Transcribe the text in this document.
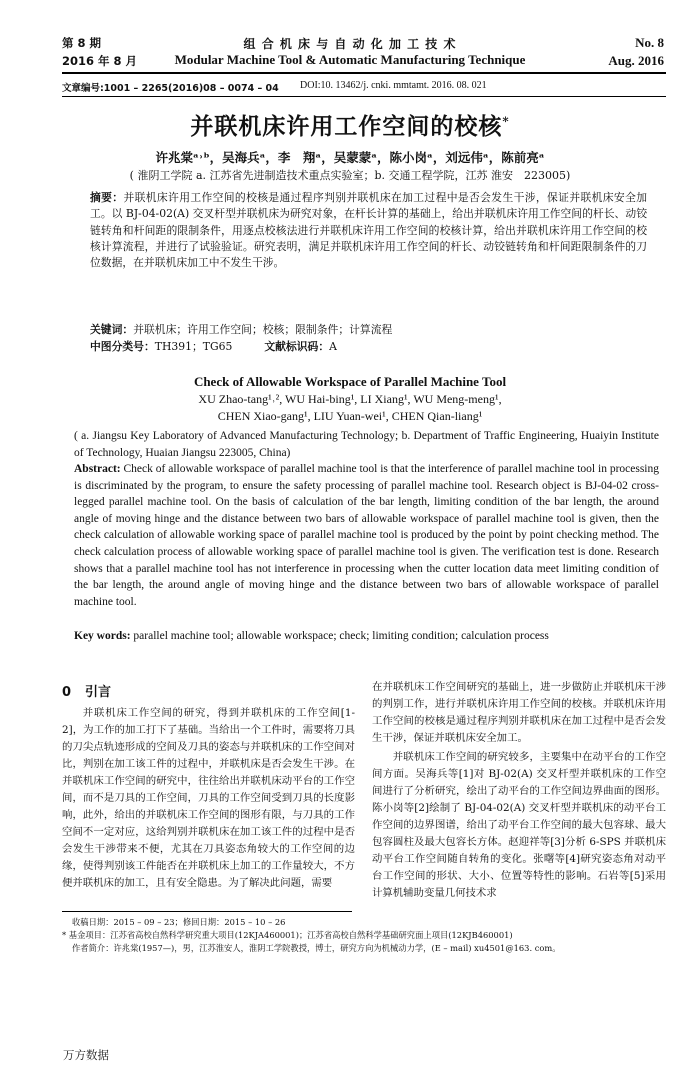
第 8 期
2016 年 8 月
组 合 机 床 与 自 动 化 加 工 技 术
Modular Machine Tool & Automatic Manufacturing Technique
No. 8
Aug. 2016
文章编号:1001 – 2265(2016)08 – 0074 – 04 DOI:10. 13462/j. cnki. mmtamt. 2016. 08. 021
并联机床许用工作空间的校核*
许兆棠ᵃ˒ᵇ，吴海兵ᵃ，李　翔ᵃ，吴蒙蒙ᵃ，陈小岗ᵃ，刘远伟ᵃ，陈前亮ᵃ
( 淮阴工学院 a. 江苏省先进制造技术重点实验室；b. 交通工程学院，江苏 淮安　223005)
摘要：并联机床许用工作空间的校核是通过程序判别并联机床在加工过程中是否会发生干涉，保证并联机床安全加工。以 BJ-04-02(A) 交叉杆型并联机床为研究对象，在杆长计算的基础上，给出并联机床许用工作空间的杆长、动铰链转角和杆间距的限制条件，用逐点校核法进行并联机床许用工作空间的校核计算，给出并联机床许用工作空间的校核计算流程，并进行了试验验证。研究表明，满足并联机床许用工作空间的杆长、动铰链转角和杆间距限制条件的刀位数据，在并联机床加工中不发生干涉。
关键词：并联机床；许用工作空间；校核；限制条件；计算流程
中图分类号：TH391；TG65	文献标识码：A
Check of Allowable Workspace of Parallel Machine Tool
XU Zhao-tang¹˒², WU Hai-bing¹, LI Xiang¹, WU Meng-meng¹,
CHEN Xiao-gang¹, LIU Yuan-wei¹, CHEN Qian-liang¹
( a. Jiangsu Key Laboratory of Advanced Manufacturing Technology; b. Department of Traffic Engineering, Huaiyin Institute of Technology, Huaian Jiangsu 223005, China)
Abstract: Check of allowable workspace of parallel machine tool is that the interference of parallel machine tool in processing is discriminated by the program, to ensure the safety processing of parallel machine tool. Research object is BJ-04-02 cross-legged parallel machine tool. On the basis of calculation of the bar length, limiting condition of the bar length, the around angle of moving hinge and the distance between two bars of allowable workspace of parallel machine tool is given, then the check calculation of allowable working space of parallel machine tool is produced by the point by point checking method. The check calculation process of allowable working space of parallel machine tool is given. The verification test is done. Research shows that a parallel machine tool has not interference in processing when the cutter location data meet limiting condition of the bar length, the around angle of moving hinge and the distance between two bars of allowable workspace of parallel machine tool.
Key words: parallel machine tool; allowable workspace; check; limiting condition; calculation process
0 引言
并联机床工作空间的研究，得到并联机床的工作空间[1-2]，为工作的加工打下了基础。当给出一个工件时，需要将刀具的刀尖点轨迹形成的空间及刀具的姿态与并联机床的工作空间对比，判别在加工该工件的过程中，并联机床是否会发生干涉。在并联机床工作空间的研究中，往往给出并联机床动平台的工作空间，而不是刀具的工作空间，刀具的工作空间受到刀具的长度影响，此外，给出的并联机床工作空间的图形有限，与刀具的工作空间不一定对应，这给判别并联机床在加工该工件的过程中是否会发生干涉带来不便，尤其在刀具姿态角较大的工作空间的边缘，使得判别该工件能否在并联机床上加工的工作量较大，不方便并联机床的加工，且有安全隐患。为了解决此问题，需要
在并联机床工作空间研究的基础上，进一步做防止并联机床干涉的判别工作，进行并联机床许用工作空间的校核。并联机床许用工作空间的校核是通过程序判别并联机床在加工过程中是否会发生干涉，保证并联机床安全加工。
并联机床工作空间的研究较多，主要集中在动平台的工作空间方面。吴海兵等[1]对 BJ-02(A) 交叉杆型并联机床的工作空间进行了分析研究，绘出了动平台的工作空间边界曲面的图形。陈小岗等[2]绘制了 BJ-04-02(A) 交叉杆型并联机床的动平台工作空间的边界图谱，给出了动平台工作空间的最大包容球、最大包容圆柱及最大包容长方体。赵迎祥等[3]分析 6-SPS 并联机床动平台工作空间随自转角的变化。张曙等[4]研究姿态角对动平台工作空间的形状、大小、位置等特性的影响。石岩等[5]采用计算机辅助变量几何技术求
收稿日期：2015 – 09 – 23；修回日期：2015 – 10 – 26
* 基金项目：江苏省高校自然科学研究重大项目(12KJA460001)；江苏省高校自然科学基础研究面上项目(12KJB460001)
作者简介：许兆棠(1957—)，男，江苏淮安人，淮阴工学院教授，博士，研究方向为机械动力学，(E – mail) xu4501@163. com。
万方数据
